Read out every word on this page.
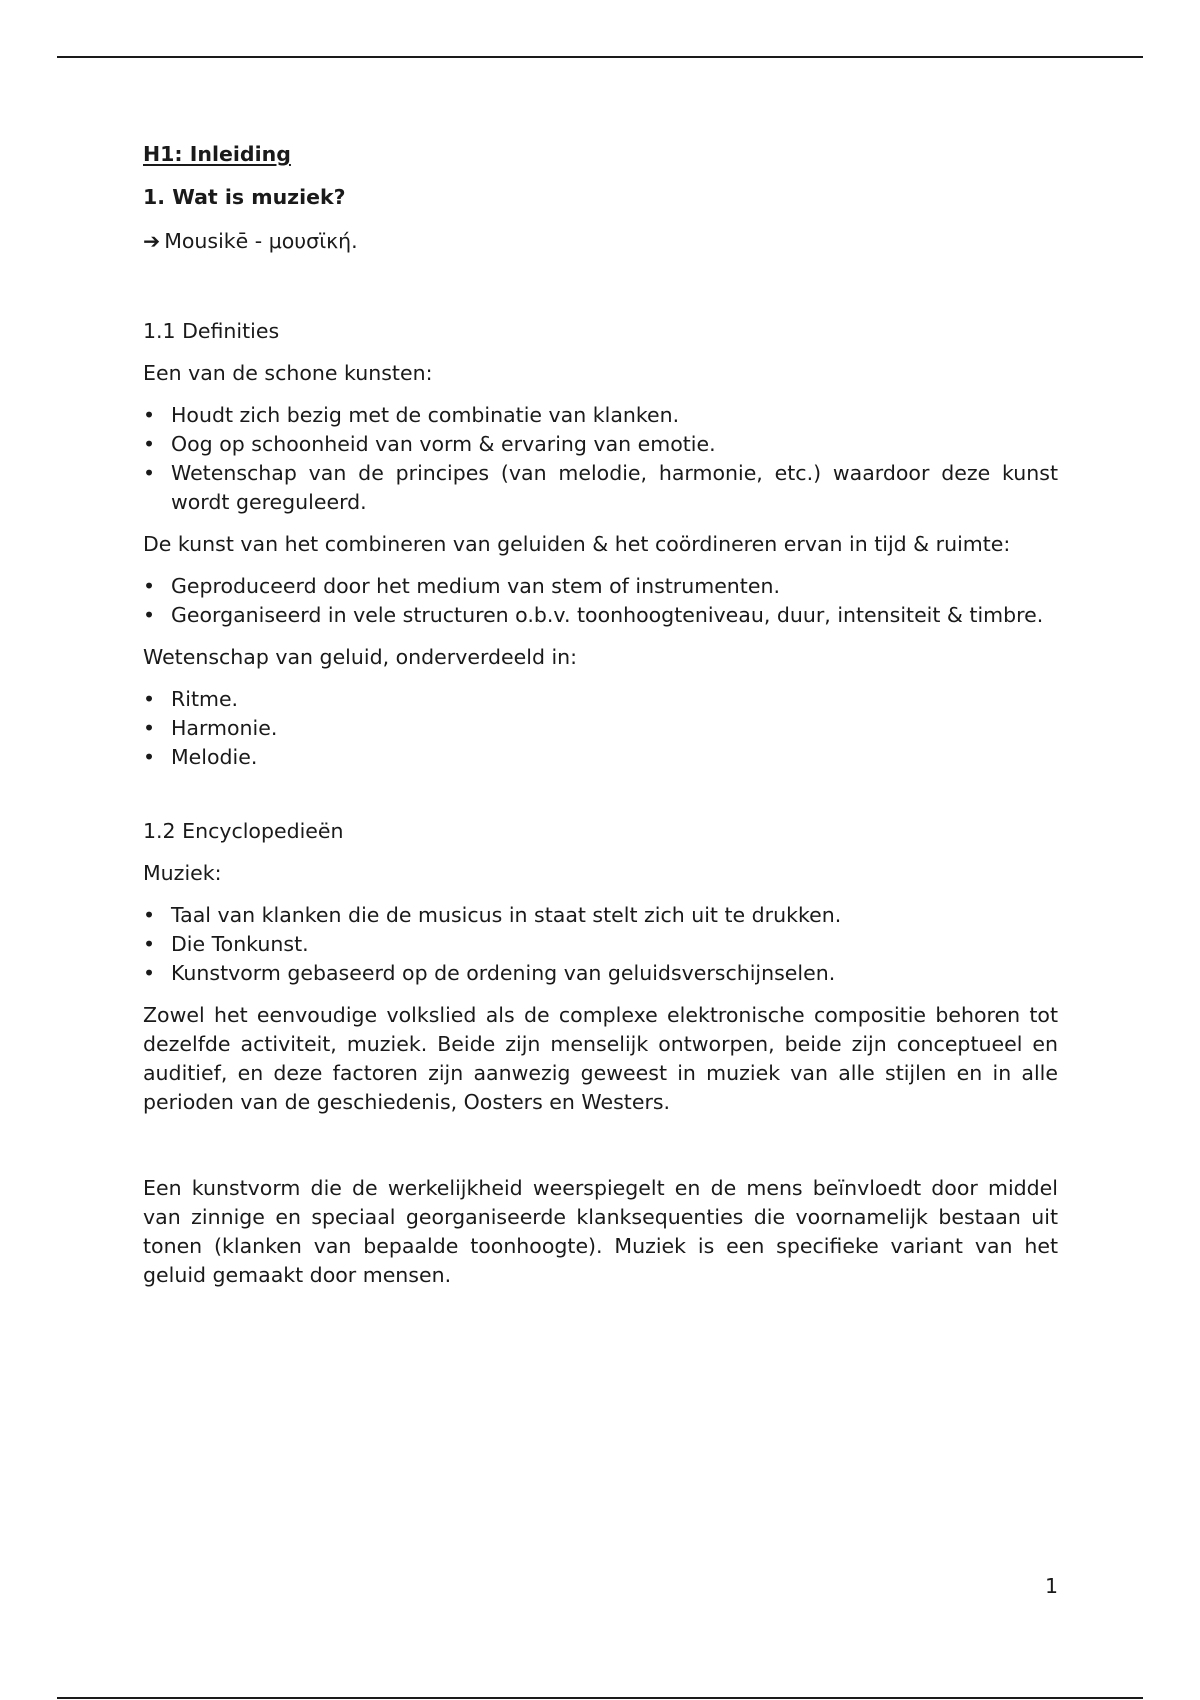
H1: Inleiding
1. Wat is muziek?
➔ Mousikē - μουσϊκή.
1.1 Definities

Een van de schone kunsten:

• Houdt zich bezig met de combinatie van klanken.
• Oog op schoonheid van vorm & ervaring van emotie.
• Wetenschap van de principes (van melodie, harmonie, etc.) waardoor deze kunst wordt gereguleerd.

De kunst van het combineren van geluiden & het coördineren ervan in tijd & ruimte:

• Geproduceerd door het medium van stem of instrumenten.
• Georganiseerd in vele structuren o.b.v. toonhoogteniveau, duur, intensiteit & timbre.

Wetenschap van geluid, onderverdeeld in:

• Ritme.
• Harmonie.
• Melodie.
1.2 Encyclopedieën

Muziek:

• Taal van klanken die de musicus in staat stelt zich uit te drukken.
• Die Tonkunst.
• Kunstvorm gebaseerd op de ordening van geluidsverschijnselen.

Zowel het eenvoudige volkslied als de complexe elektronische compositie behoren tot dezelfde activiteit, muziek. Beide zijn menselijk ontworpen, beide zijn conceptueel en auditief, en deze factoren zijn aanwezig geweest in muziek van alle stijlen en in alle perioden van de geschiedenis, Oosters en Westers.

Een kunstvorm die de werkelijkheid weerspiegelt en de mens beïnvloedt door middel van zinnige en speciaal georganiseerde klanksequenties die voornamelijk bestaan uit tonen (klanken van bepaalde toonhoogte). Muziek is een specifieke variant van het geluid gemaakt door mensen.

1
